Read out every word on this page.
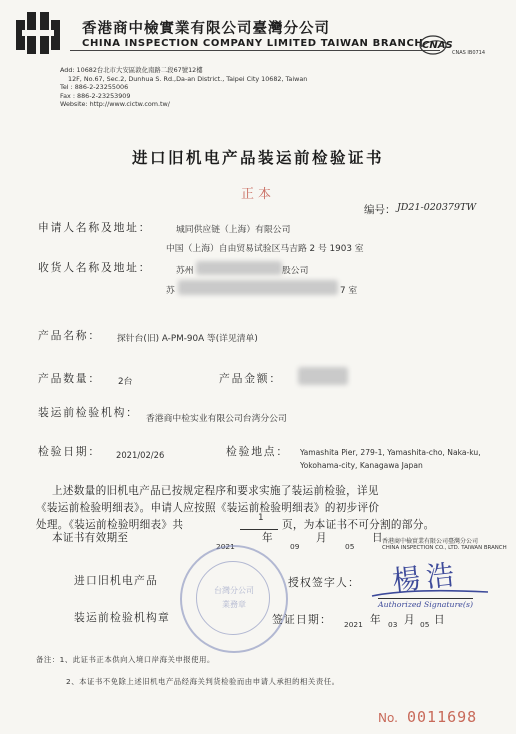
香港商中檢實業有限公司臺灣分公司
CHINA INSPECTION COMPANY LIMITED TAIWAN BRANCH
Add: 10682台北市大安區敦化南路二段67號12樓
12F, No.67, Sec.2, Dunhua S. Rd.,Da-an District., Taipei City 10682, Taiwan
Tel : 886-2-23255006
Fax : 886-2-23253909
Website: http://www.cictw.com.tw/
CNAS
CNAS IB0714
进口旧机电产品装运前检验证书
正本
编号： JD21-020379TW
申请人名称及地址：	城同供应链（上海）有限公司
中国（上海）自由贸易试验区马吉路 2 号 1903 室
收货人名称及地址：	苏州	股公司
苏	7 室
产品名称： 探针台(旧) A-PM-90A 等(详见清单)
产品数量： 2台	产品金额：
装运前检验机构： 香港商中检实业有限公司台湾分公司
检验日期： 2021/02/26	检验地点： Yamashita Pier, 279-1, Yamashita-cho, Naka-ku,
Yokohama-city, Kanagawa Japan
上述数量的旧机电产品已按规定程序和要求实施了装运前检验，详见
《装运前检验明细表》。申请人应按照《装运前检验明细表》的初步评价
处理。《装运前检验明细表》共
1
页，为本证书不可分割的部分。
本证书有效期至
2021
年
09
月
05
日 香港商中檢實業有限公司臺灣分公司
CHINA INSPECTION CO., LTD. TAIWAN BRANCH
进口旧机电产品	授权签字人： 楊浩
Authorized Signature(s)
台灣分公司
業務章
装运前检验机构章	签证日期： 2021 年 03 月 05 日
备注：1、此证书正本供向入境口岸海关申报使用。
2、本证书不免除上述旧机电产品经海关判货检验而由申请人承担的相关责任。
No. 0011698
